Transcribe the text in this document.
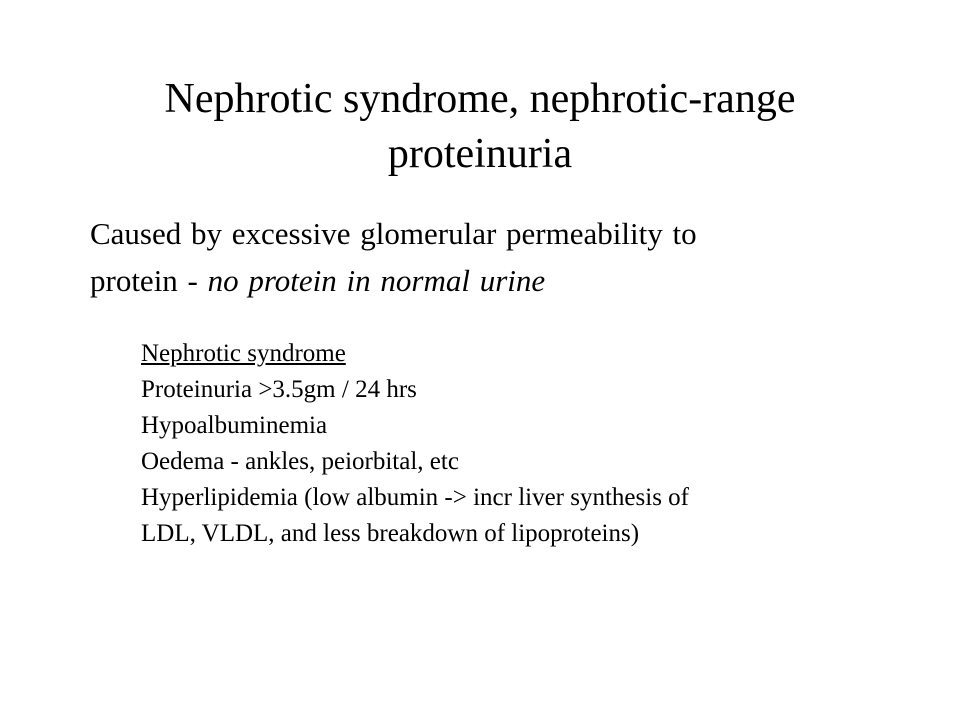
Nephrotic syndrome, nephrotic-range
proteinuria

Caused by excessive glomerular permeability to
protein - no protein in normal urine

Nephrotic syndrome
Proteinuria >3.5gm / 24 hrs
Hypoalbuminemia
Oedema - ankles, peiorbital, etc
Hyperlipidemia (low albumin -> incr liver synthesis of
LDL, VLDL, and less breakdown of lipoproteins)
